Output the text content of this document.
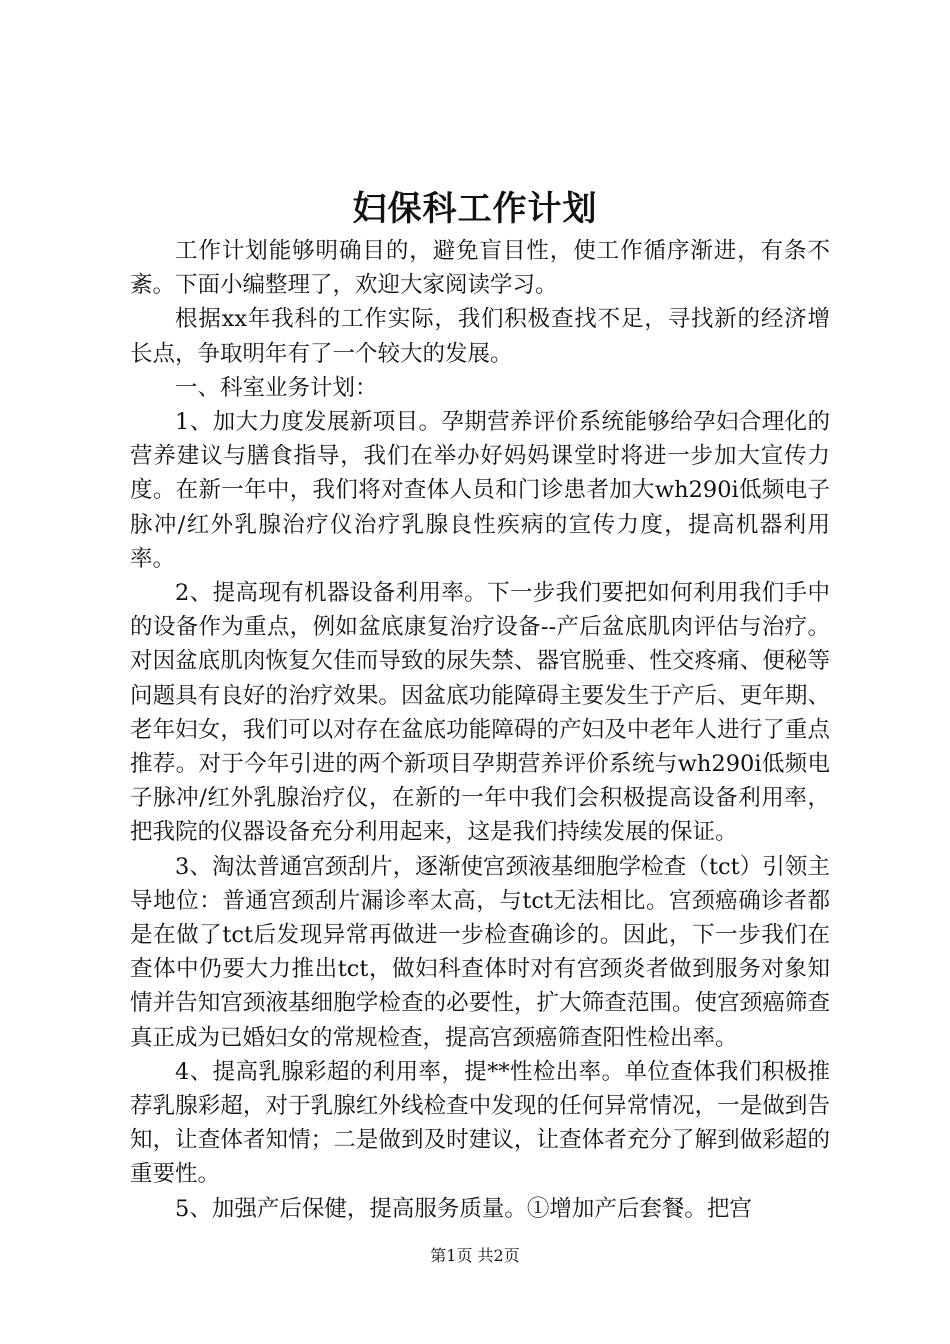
妇保科工作计划

工作计划能够明确目的，避免盲目性，使工作循序渐进，有条不紊。下面小编整理了，欢迎大家阅读学习。

根据xx年我科的工作实际，我们积极查找不足，寻找新的经济增长点，争取明年有了一个较大的发展。

一、科室业务计划：

1、加大力度发展新项目。孕期营养评价系统能够给孕妇合理化的营养建议与膳食指导，我们在举办好妈妈课堂时将进一步加大宣传力度。在新一年中，我们将对查体人员和门诊患者加大wh290i低频电子脉冲/红外乳腺治疗仪治疗乳腺良性疾病的宣传力度，提高机器利用率。

2、提高现有机器设备利用率。下一步我们要把如何利用我们手中的设备作为重点，例如盆底康复治疗设备--产后盆底肌肉评估与治疗。对因盆底肌肉恢复欠佳而导致的尿失禁、器官脱垂、性交疼痛、便秘等问题具有良好的治疗效果。因盆底功能障碍主要发生于产后、更年期、老年妇女，我们可以对存在盆底功能障碍的产妇及中老年人进行了重点推荐。对于今年引进的两个新项目孕期营养评价系统与wh290i低频电子脉冲/红外乳腺治疗仪，在新的一年中我们会积极提高设备利用率，把我院的仪器设备充分利用起来，这是我们持续发展的保证。

3、淘汰普通宫颈刮片，逐渐使宫颈液基细胞学检查（tct）引领主导地位：普通宫颈刮片漏诊率太高，与tct无法相比。宫颈癌确诊者都是在做了tct后发现异常再做进一步检查确诊的。因此，下一步我们在查体中仍要大力推出tct，做妇科查体时对有宫颈炎者做到服务对象知情并告知宫颈液基细胞学检查的必要性，扩大筛查范围。使宫颈癌筛查真正成为已婚妇女的常规检查，提高宫颈癌筛查阳性检出率。

4、提高乳腺彩超的利用率，提**性检出率。单位查体我们积极推荐乳腺彩超，对于乳腺红外线检查中发现的任何异常情况，一是做到告知，让查体者知情；二是做到及时建议，让查体者充分了解到做彩超的重要性。

5、加强产后保健，提高服务质量。①增加产后套餐。把宫

第1页 共2页
